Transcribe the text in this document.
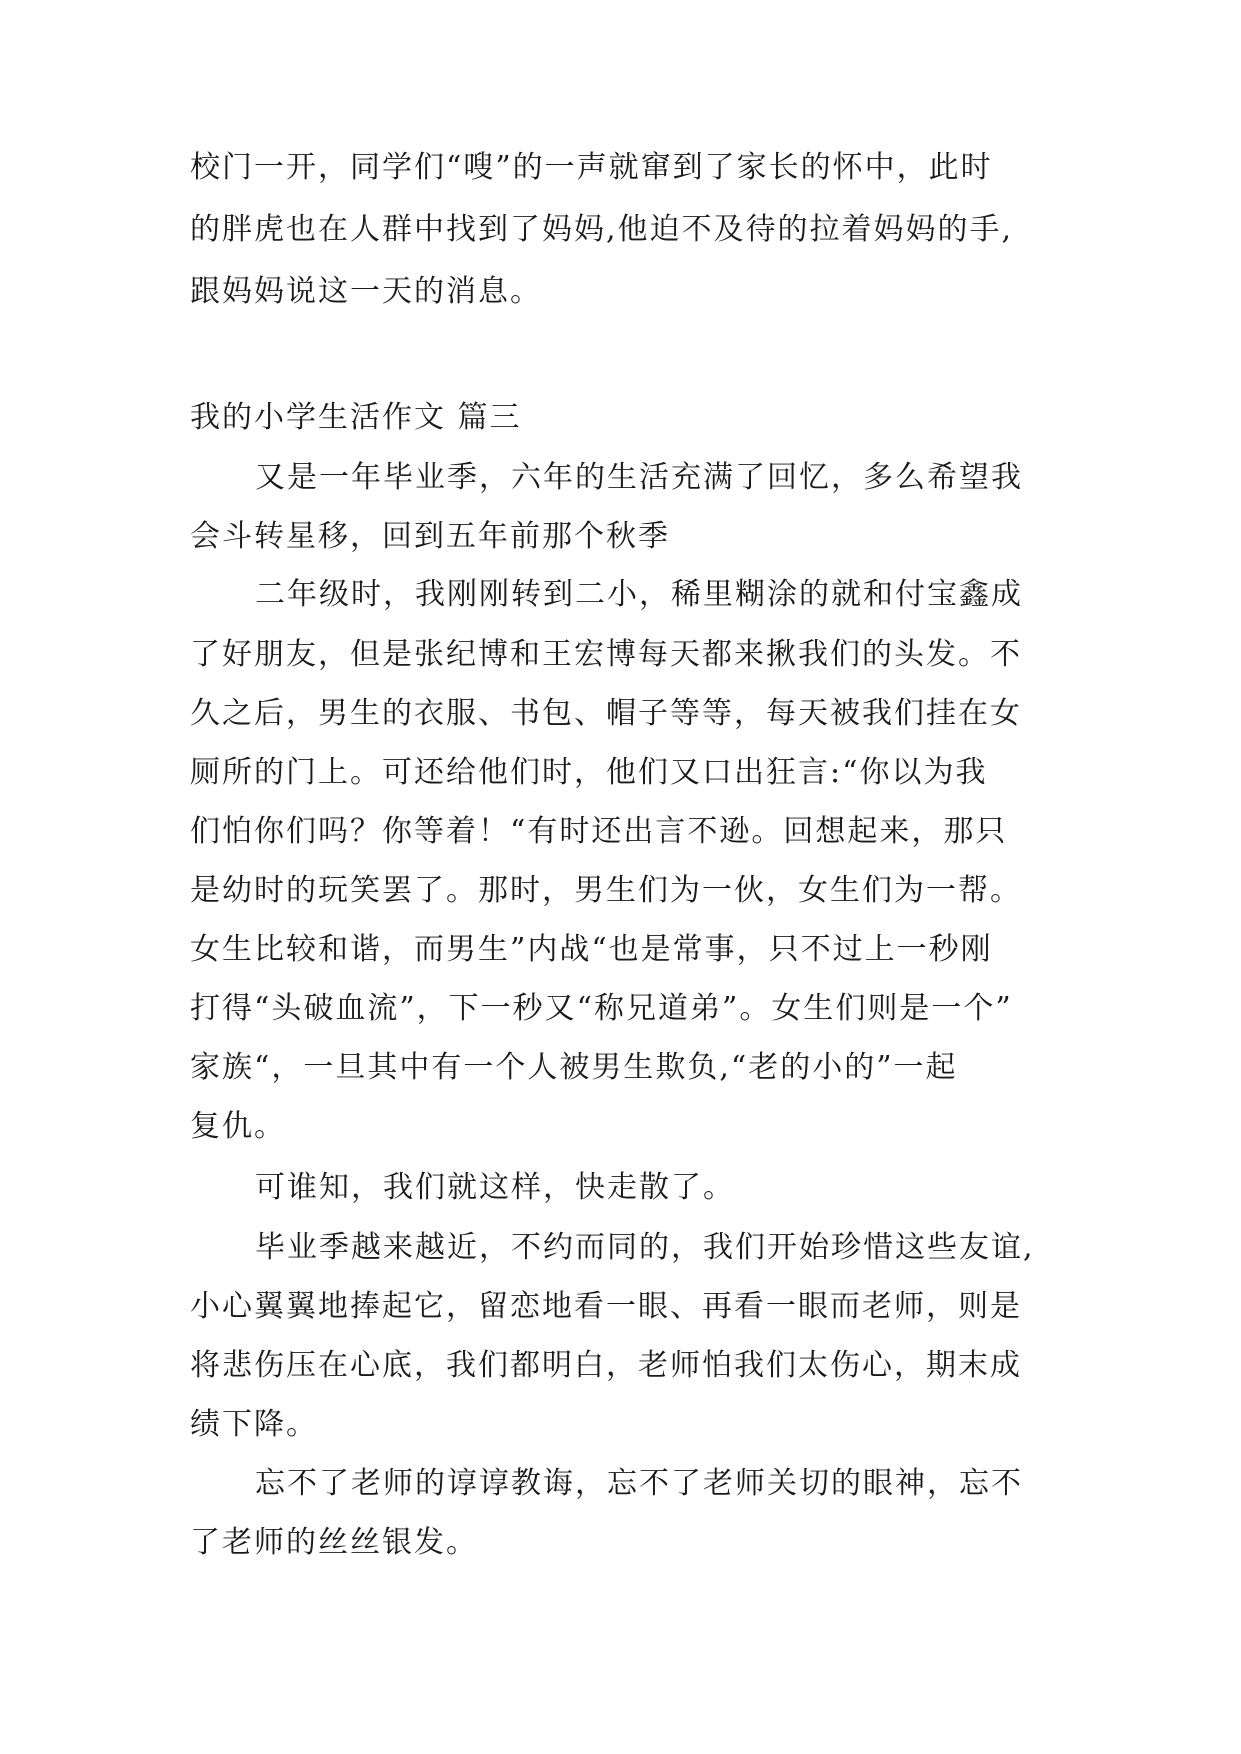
校门一开，同学们“嗖”的一声就窜到了家长的怀中，此时
的胖虎也在人群中找到了妈妈,他迫不及待的拉着妈妈的手,
跟妈妈说这一天的消息。
我的小学生活作文 篇三
又是一年毕业季，六年的生活充满了回忆，多么希望我
会斗转星移，回到五年前那个秋季
二年级时，我刚刚转到二小，稀里糊涂的就和付宝鑫成
了好朋友，但是张纪博和王宏博每天都来揪我们的头发。不
久之后，男生的衣服、书包、帽子等等，每天被我们挂在女
厕所的门上。可还给他们时，他们又口出狂言:“你以为我
们怕你们吗？你等着！“有时还出言不逊。回想起来，那只
是幼时的玩笑罢了。那时，男生们为一伙，女生们为一帮。
女生比较和谐，而男生”内战“也是常事，只不过上一秒刚
打得“头破血流”，下一秒又“称兄道弟”。女生们则是一个”
家族“，一旦其中有一个人被男生欺负,“老的小的”一起
复仇。
可谁知，我们就这样，快走散了。
毕业季越来越近，不约而同的，我们开始珍惜这些友谊,
小心翼翼地捧起它，留恋地看一眼、再看一眼而老师，则是
将悲伤压在心底，我们都明白，老师怕我们太伤心，期末成
绩下降。
忘不了老师的谆谆教诲，忘不了老师关切的眼神，忘不
了老师的丝丝银发。
